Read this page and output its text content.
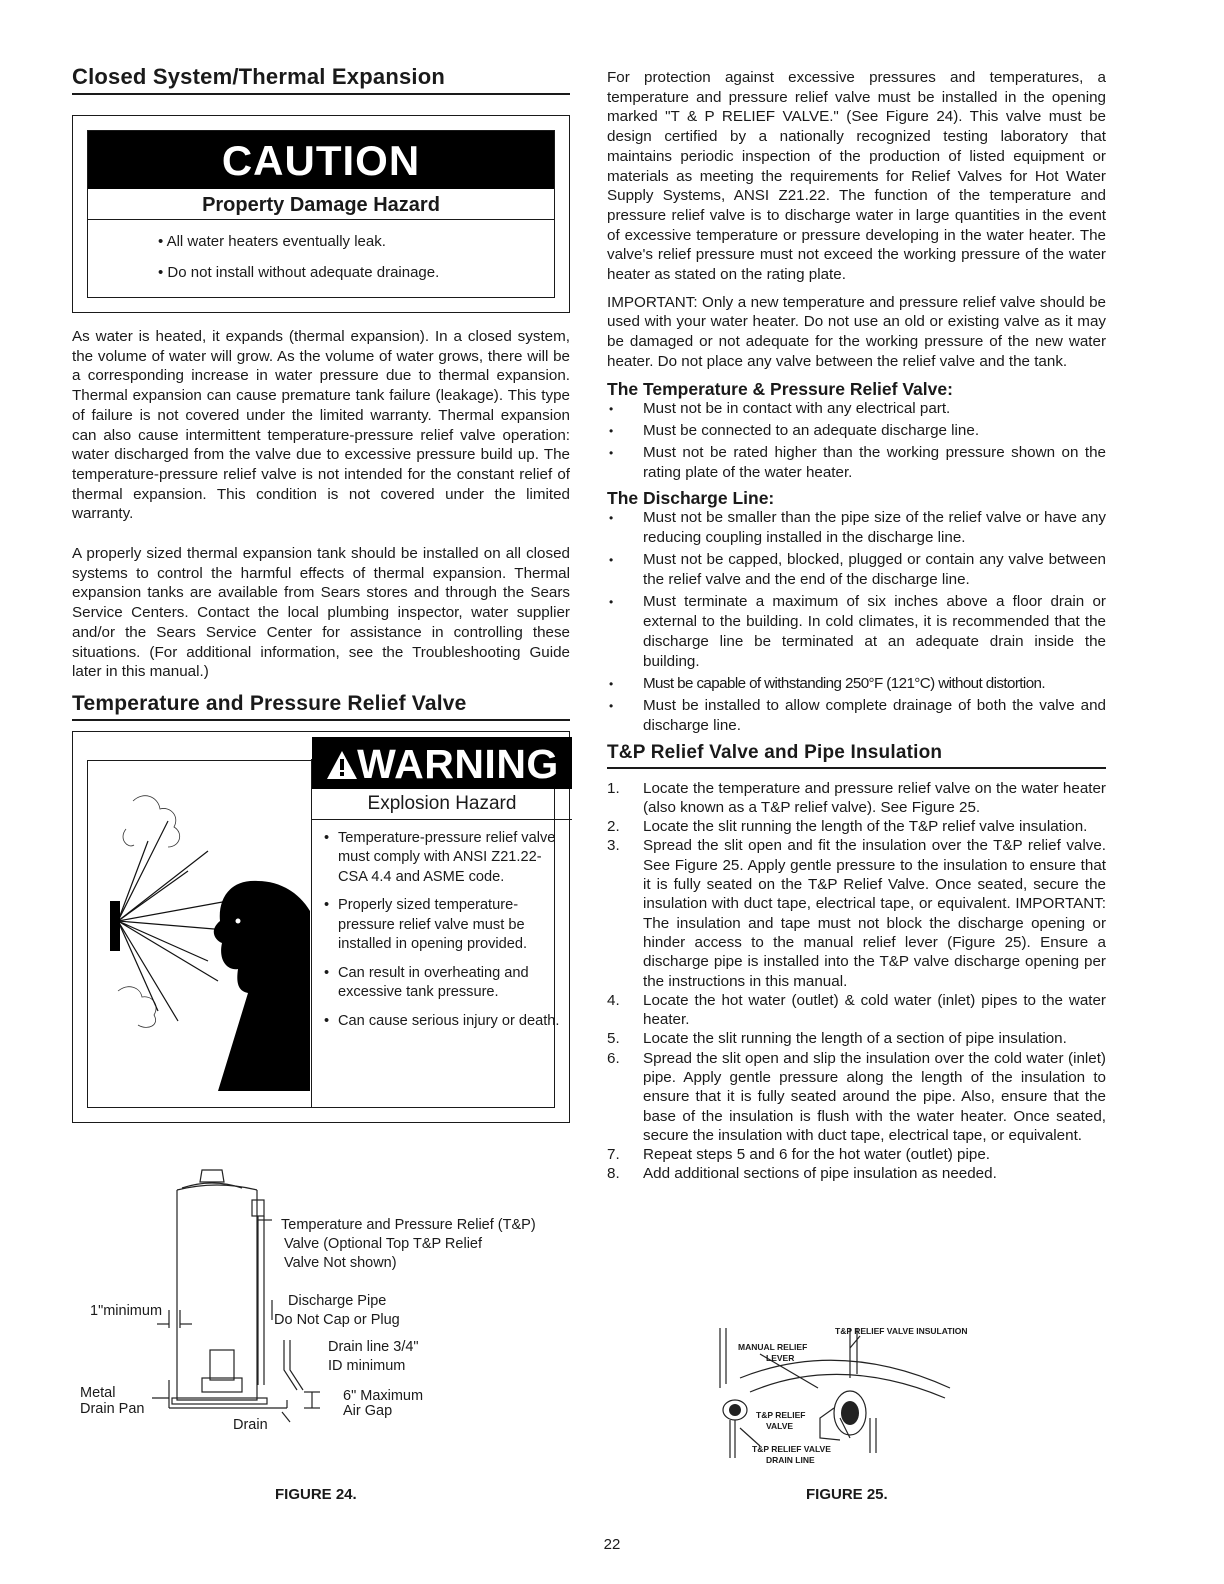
Closed System/Thermal Expansion
CAUTION
Property Damage Hazard
• All water heaters eventually leak.
• Do not install without adequate drainage.

As water is heated, it expands (thermal expansion). In a closed system, the volume of water will grow. As the volume of water grows, there will be a corresponding increase in water pressure due to thermal expansion. Thermal expansion can cause premature tank failure (leakage). This type of failure is not covered under the limited warranty. Thermal expansion can also cause intermittent temperature-pressure relief valve operation: water discharged from the valve due to excessive pressure build up. The temperature-pressure relief valve is not intended for the constant relief of thermal expansion. This condition is not covered under the limited warranty.

A properly sized thermal expansion tank should be installed on all closed systems to control the harmful effects of thermal expansion. Thermal expansion tanks are available from Sears stores and through the Sears Service Centers. Contact the local plumbing inspector, water supplier and/or the Sears Service Center for assistance in controlling these situations. (For additional information, see the Troubleshooting Guide later in this manual.)

Temperature and Pressure Relief Valve
WARNING
Explosion Hazard
• Temperature-pressure relief valve must comply with ANSI Z21.22-CSA 4.4 and ASME code.
• Properly sized temperature-pressure relief valve must be installed in opening provided.
• Can result in overheating and excessive tank pressure.
• Can cause serious injury or death.
Temperature and Pressure Relief (T&P)
Valve (Optional Top T&P Relief
Valve Not shown)
Discharge Pipe
Do Not Cap or Plug
Drain line 3/4"
ID minimum
1"minimum
Metal
Drain Pan
6" Maximum
Air Gap
Drain
FIGURE 24.

For protection against excessive pressures and temperatures, a temperature and pressure relief valve must be installed in the opening marked "T & P RELIEF VALVE." (See Figure 24). This valve must be design certified by a nationally recognized testing laboratory that maintains periodic inspection of the production of listed equipment or materials as meeting the requirements for Relief Valves for Hot Water Supply Systems, ANSI Z21.22. The function of the temperature and pressure relief valve is to discharge water in large quantities in the event of excessive temperature or pressure developing in the water heater. The valve's relief pressure must not exceed the working pressure of the water heater as stated on the rating plate.

IMPORTANT: Only a new temperature and pressure relief valve should be used with your water heater. Do not use an old or existing valve as it may be damaged or not adequate for the working pressure of the new water heater. Do not place any valve between the relief valve and the tank.

The Temperature & Pressure Relief Valve:
• Must not be in contact with any electrical part.
• Must be connected to an adequate discharge line.
• Must not be rated higher than the working pressure shown on the rating plate of the water heater.
The Discharge Line:
• Must not be smaller than the pipe size of the relief valve or have any reducing coupling installed in the discharge line.
• Must not be capped, blocked, plugged or contain any valve between the relief valve and the end of the discharge line.
• Must terminate a maximum of six inches above a floor drain or external to the building. In cold climates, it is recommended that the discharge line be terminated at an adequate drain inside the building.
• Must be capable of withstanding 250°F (121°C) without distortion.
• Must be installed to allow complete drainage of both the valve and discharge line.
T&P Relief Valve and Pipe Insulation
1. Locate the temperature and pressure relief valve on the water heater (also known as a T&P relief valve). See Figure 25.
2. Locate the slit running the length of the T&P relief valve insulation.
3. Spread the slit open and fit the insulation over the T&P relief valve. See Figure 25. Apply gentle pressure to the insulation to ensure that it is fully seated on the T&P Relief Valve. Once seated, secure the insulation with duct tape, electrical tape, or equivalent. IMPORTANT: The insulation and tape must not block the discharge opening or hinder access to the manual relief lever (Figure 25). Ensure a discharge pipe is installed into the T&P valve discharge opening per the instructions in this manual.
4. Locate the hot water (outlet) & cold water (inlet) pipes to the water heater.
5. Locate the slit running the length of a section of pipe insulation.
6. Spread the slit open and slip the insulation over the cold water (inlet) pipe. Apply gentle pressure along the length of the insulation to ensure that it is fully seated around the pipe. Also, ensure that the base of the insulation is flush with the water heater. Once seated, secure the insulation with duct tape, electrical tape, or equivalent.
7. Repeat steps 5 and 6 for the hot water (outlet) pipe.
8. Add additional sections of pipe insulation as needed.
T&P RELIEF VALVE INSULATION
MANUAL RELIEF
LEVER
T&P RELIEF
VALVE
T&P RELIEF VALVE
DRAIN LINE
FIGURE 25.
22
